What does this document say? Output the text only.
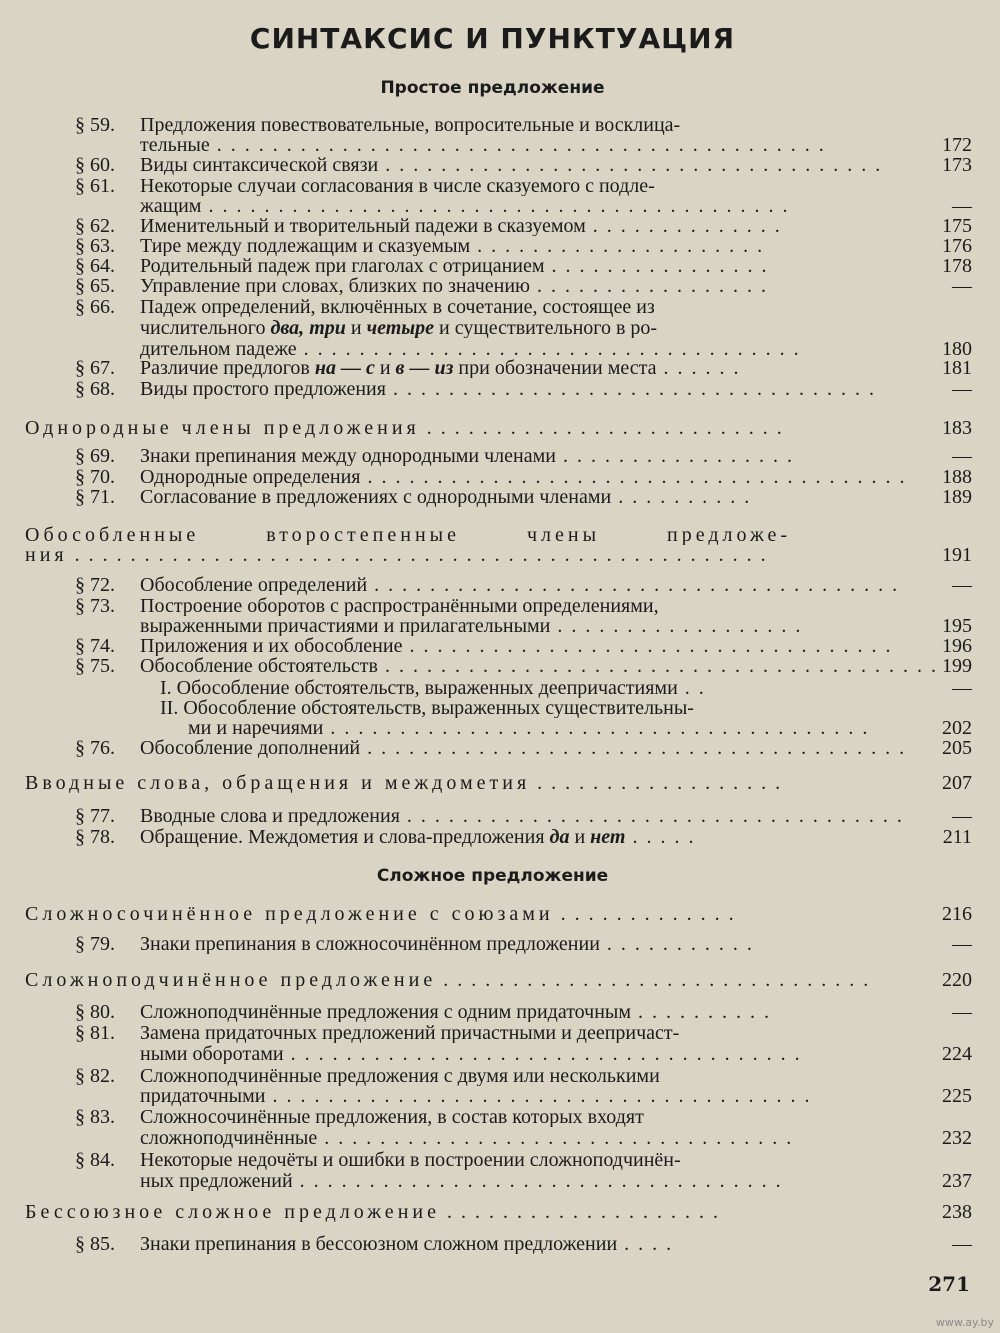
СИНТАКСИС И ПУНКТУАЦИЯ
Простое предложение
§ 59.	Предложения повествовательные, вопросительные и восклица-
тельные . . . . . . . . . . . . . . . . . . . . . . . . . . . . . . . . . . . . . . . . . . . .	172
§ 60.	Виды синтаксической связи . . . . . . . . . . . . . . . . . . . . . . . . . . . . . . . . . . . .	173
§ 61.	Некоторые случаи согласования в числе сказуемого с подле-
жащим . . . . . . . . . . . . . . . . . . . . . . . . . . . . . . . . . . . . . . . . . .	—
§ 62.	Именительный и творительный падежи в сказуемом . . . . . . . . . . . . . .	175
§ 63.	Тире между подлежащим и сказуемым . . . . . . . . . . . . . . . . . . . . .	176
§ 64.	Родительный падеж при глаголах с отрицанием . . . . . . . . . . . . . . . .	178
§ 65.	Управление при словах, близких по значению . . . . . . . . . . . . . . . . .	—
§ 66.	Падеж определений, включённых в сочетание, состоящее из
числительного два, три и четыре и существительного в ро-
дительном падеже . . . . . . . . . . . . . . . . . . . . . . . . . . . . . . . . . . . .	180
§ 67.	Различие предлогов на — с и в — из при обозначении места . . . . . .	181
§ 68.	Виды простого предложения . . . . . . . . . . . . . . . . . . . . . . . . . . . . . . . . . . .	—
Однородные члены предложения . . . . . . . . . . . . . . . . . . . . . . . . . .	183
§ 69.	Знаки препинания между однородными членами . . . . . . . . . . . . . . . . .	—
§ 70.	Однородные определения . . . . . . . . . . . . . . . . . . . . . . . . . . . . . . . . . . . . . . .	188
§ 71.	Согласование в предложениях с однородными членами . . . . . . . . . .	189
Обособленные второстепенные члены предложе-
ния . . . . . . . . . . . . . . . . . . . . . . . . . . . . . . . . . . . . . . . . . . . . . . . . . .	191
§ 72.	Обособление определений . . . . . . . . . . . . . . . . . . . . . . . . . . . . . . . . . . . . . .	—
§ 73.	Построение оборотов с распространёнными определениями,
выраженными причастиями и прилагательными . . . . . . . . . . . . . . . . . .	195
§ 74.	Приложения и их обособление . . . . . . . . . . . . . . . . . . . . . . . . . . . . . . . . . . .	196
§ 75.	Обособление обстоятельств . . . . . . . . . . . . . . . . . . . . . . . . . . . . . . . . . . . . . . . . 199
I. Обособление обстоятельств, выраженных деепричастиями . .	—
II. Обособление обстоятельств, выраженных существительны-
ми и наречиями . . . . . . . . . . . . . . . . . . . . . . . . . . . . . . . . . . . . . . .	202
§ 76.	Обособление дополнений . . . . . . . . . . . . . . . . . . . . . . . . . . . . . . . . . . . . . . .	205
Вводные слова, обращения и междометия . . . . . . . . . . . . . . . . . .	207
§ 77.	Вводные слова и предложения . . . . . . . . . . . . . . . . . . . . . . . . . . . . . . . . . . . .	—
§ 78.	Обращение. Междометия и слова-предложения да и нет . . . . .	211
Сложное предложение
Сложносочинённое предложение с союзами . . . . . . . . . . . . .	216
§ 79.	Знаки препинания в сложносочинённом предложении . . . . . . . . . . .	—
Сложноподчинённое предложение . . . . . . . . . . . . . . . . . . . . . . . . . . . . . . .	220
§ 80.	Сложноподчинённые предложения с одним придаточным . . . . . . . . . .	—
§ 81.	Замена придаточных предложений причастными и деепричаст-
ными оборотами . . . . . . . . . . . . . . . . . . . . . . . . . . . . . . . . . . . . .	224
§ 82.	Сложноподчинённые предложения с двумя или несколькими
придаточными . . . . . . . . . . . . . . . . . . . . . . . . . . . . . . . . . . . . . . .	225
§ 83.	Сложносочинённые предложения, в состав которых входят
сложноподчинённые . . . . . . . . . . . . . . . . . . . . . . . . . . . . . . . . . .	232
§ 84.	Некоторые недочёты и ошибки в построении сложноподчинён-
ных предложений . . . . . . . . . . . . . . . . . . . . . . . . . . . . . . . . . . .	237
Бессоюзное сложное предложение . . . . . . . . . . . . . . . . . . . .	238
§ 85.	Знаки препинания в бессоюзном сложном предложении . . . .	—
271
www.ay.by
